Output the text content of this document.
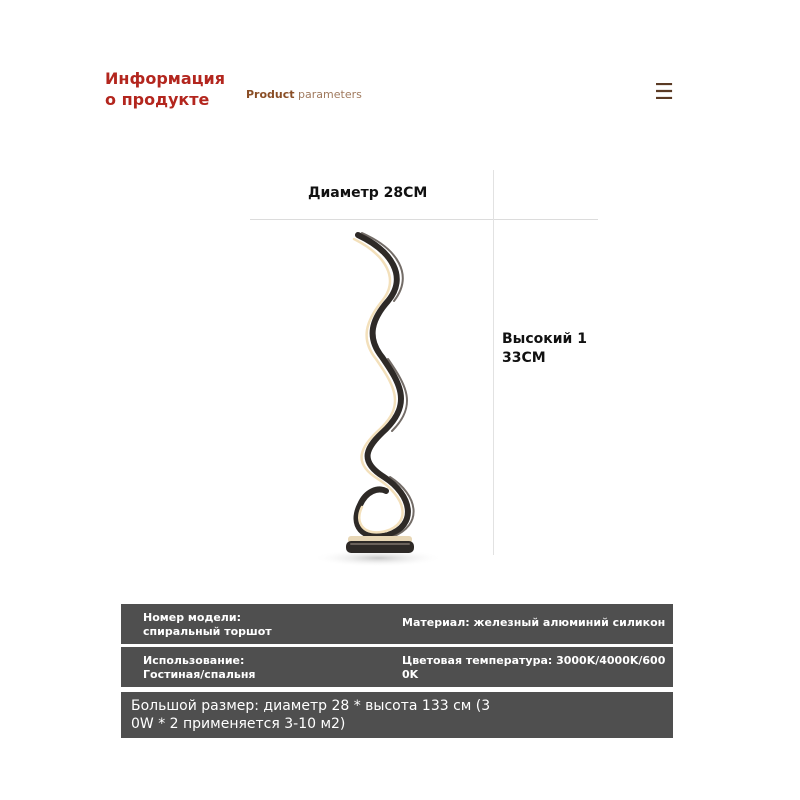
Информация
о продукте	Product parameters	☰
Диаметр 28CM
Высокий 1
33CM
Номер модели:
спиральный торшот
Материал: железный алюминий силикон
Использование:
Гостиная/спальня
Цветовая температура: 3000K/4000K/600
0K
Большой размер: диаметр 28 * высота 133 см (3
0W * 2 применяется 3-10 м2)
